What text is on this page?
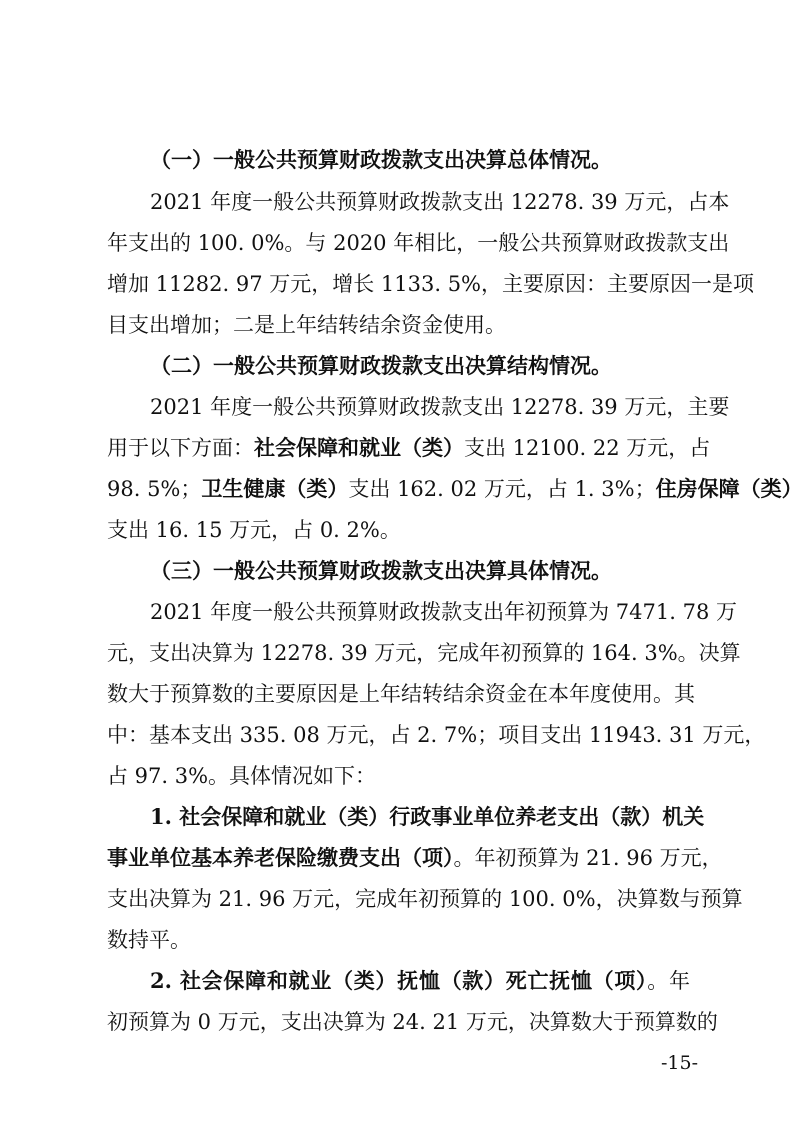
（一）一般公共预算财政拨款支出决算总体情况。
2021 年度一般公共预算财政拨款支出 12278. 39 万元，占本
年支出的 100. 0%。与 2020 年相比，一般公共预算财政拨款支出
增加 11282. 97 万元，增长 1133. 5%，主要原因：主要原因一是项
目支出增加；二是上年结转结余资金使用。
（二）一般公共预算财政拨款支出决算结构情况。
2021 年度一般公共预算财政拨款支出 12278. 39 万元，主要
用于以下方面：社会保障和就业（类）支出 12100. 22 万元，占
98. 5%；卫生健康（类）支出 162. 02 万元，占 1. 3%；住房保障（类）
支出 16. 15 万元，占 0. 2%。
（三）一般公共预算财政拨款支出决算具体情况。
2021 年度一般公共预算财政拨款支出年初预算为 7471. 78 万
元，支出决算为 12278. 39 万元，完成年初预算的 164. 3%。决算
数大于预算数的主要原因是上年结转结余资金在本年度使用。其
中：基本支出 335. 08 万元，占 2. 7%；项目支出 11943. 31 万元，
占 97. 3%。具体情况如下：
1. 社会保障和就业（类）行政事业单位养老支出（款）机关
事业单位基本养老保险缴费支出（项）。年初预算为 21. 96 万元，
支出决算为 21. 96 万元，完成年初预算的 100. 0%，决算数与预算
数持平。
2. 社会保障和就业（类）抚恤（款）死亡抚恤（项）。年
初预算为 0 万元，支出决算为 24. 21 万元，决算数大于预算数的
-15-
